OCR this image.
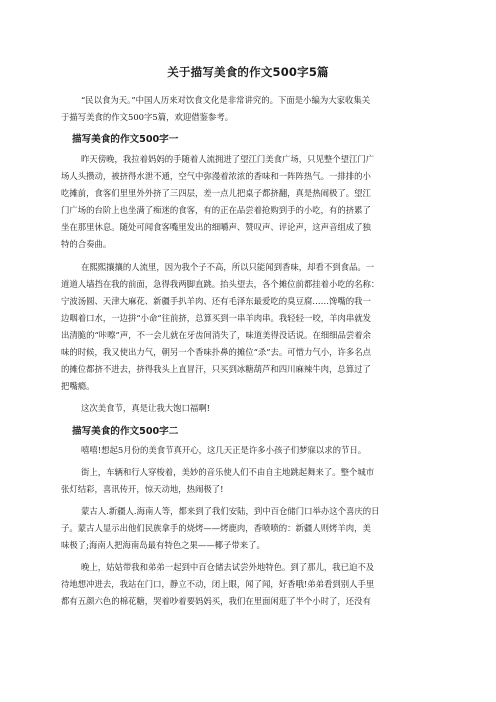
关于描写美食的作文500字5篇
“民以食为天。”中国人历来对饮食文化是非常讲究的。下面是小编为大家收集关
于描写美食的作文500字5篇，欢迎借鉴参考。
描写美食的作文500字一
昨天傍晚，我拉着妈妈的手随着人流拥进了望江门美食广场，只见整个望江门广
场人头攒动，被挤得水泄不通，空气中弥漫着浓浓的香味和一阵阵热气。一排排的小
吃摊前，食客们里里外外挤了三四层，差一点儿把桌子都挤翻，真是热闹极了。望江
门广场的台阶上也坐满了痴迷的食客，有的正在品尝着抢购到手的小吃，有的挤累了
坐在那里休息。随处可闻食客嘴里发出的细嚼声、赞叹声、评论声，这声音组成了独
特的合奏曲。
在熙熙攘攘的人流里，因为我个子不高，所以只能闻到香味，却看不到食品。一
道道人墙挡在我的前面，急得我两脚直跳。抬头望去，各个摊位前都挂着小吃的名称：
宁波汤圆、天津大麻花、新疆手扒羊肉、还有毛泽东最爱吃的臭豆腐……馋嘴的我一
边咽着口水，一边拼“小命”往前挤，总算买到一串羊肉串。我轻轻一咬，羊肉串就发
出清脆的“咔嚓”声，不一会儿就在牙齿间消失了，味道美得没话说。在细细品尝着余
味的时候，我又使出力气，朝另一个香味扑鼻的摊位“杀”去。可惜力气小，许多名点
的摊位都挤不进去，挤得我头上直冒汗，只买到冰糖葫芦和四川麻辣牛肉，总算过了
把嘴瘾。
这次美食节，真是让我大饱口福啊!
描写美食的作文500字二
嘻嘻!想起5月份的美食节真开心，这几天正是许多小孩子们梦寐以求的节日。
街上，车辆和行人穿梭着，美妙的音乐使人们不由自主地跳起舞来了。整个城市
张灯结彩，喜讯传开，惊天动地，热闹极了!
蒙古人.新疆人.海南人等，都来到了我们安陆，到中百仓储门口举办这个喜庆的日
子。蒙古人显示出他们民族拿手的烧烤——烤鹿肉，香喷喷的：新疆人则烤羊肉，美
味极了;海南人把海南岛最有特色之果——椰子带来了。
晚上，姑姑带我和弟弟一起到中百仓储去试尝外地特色。到了那儿，我已迫不及
待地想冲进去，我站在门口，静立不动，闭上眼，闻了闻，好香哦!弟弟看到别人手里
都有五颜六色的棉花糖，哭着吵着要妈妈买，我们在里面闲逛了半个小时了，还没有
